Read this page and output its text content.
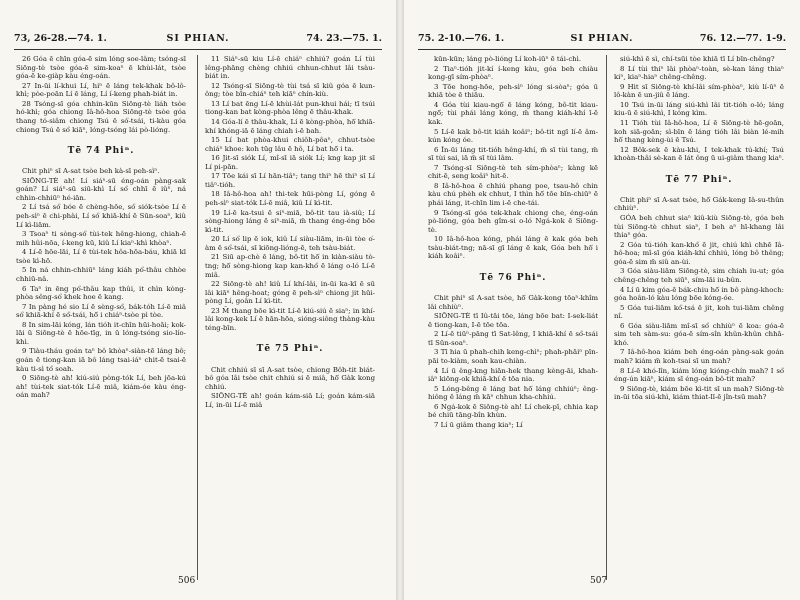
73, 26-28.—74. 1.	SI PHIAN.	74. 23.—75. 1.

26 Góa ē chīn góa-ē sim lóng soe-lâm; tsóng-sī Siōng-tè tsòe góa-ē sim-koaⁿ ē khùi-lát, tsòe góa-ē ke-giàp kàu éng-oán.

27 In-ūi lí-khui Lí, hiⁿ ē láng tek-khak bô-lô-khì; pòe-poān Lí ē láng, Lí í-keng phah-biát in.

28 Tsóng-sī góa chhin-kūn Siōng-tè liáh tsòe hó-khì; góa chiong Iâ-hô-hoa Siōng-tè tsòe góa thang tó-siâm chiong Tsú ē só͘-tsái, ti-kàu góa chiong Tsú ē só͘ kiāⁿ, lóng-tsóng lái pò-lióng.

Tē 74 Phiⁿ.

Chit phiⁿ sī A-sat tsòe beh kà-sī peh-sìⁿ.

SIŌNG-TÈ ah! Lí siáⁿ-sū éng-oán pàng-sak goán? Lí siáⁿ-sū siū-khì Lí só͘ chhī ē iûⁿ, ná chhin-chhiūⁿ hé-iān.

2 Lí tsá só͘ bóe ē chèng-hōe, só͘ siók-tsòe Lí ē peh-sìⁿ ē chi-phài, Lí só͘ khiā-khí ē Sūn-soaⁿ, kiû Lí kì-liām.

3 Tsoaⁿ ti sòng-só͘ tùi-tek hêng-hiong, chiah-ē mih hûi-nōa, í-keng kū, kiû Lí kiaⁿ-khì khòaⁿ.

4 Lí-ē hōe-lāi, Lí ē tùi-tek hôa-hōa-báu, khiā kī tsòe kì-hō.

5 In ná chhin-chhiūⁿ láng kiáh pó͘-thâu chhòe chhiū-nâ.

6 Taⁿ in ēng pó͘-thâu kap thûi, it chìn kòng-phòa sêng-só͘ khek hoe ē kang.

7 In pàng hé sio Lí ē sèng-só͘, bák-tóh Lí-ē miâ só͘ khiā-khí ē só͘-tsái, hō͘ i chiáⁿ-tsòe pì tòe.

8 In sim-lāi kóng, lán tióh it-chīn hūi-hoāi; kok-lāi ū Siōng-tè ē hōe-tīg, in ū lóng-tsóng sio-lío-khì.

9 Tiàu-tháu goán taⁿ bô khòaⁿ-siàn-tē láng bô; goán ē tiong-kan iā bô láng tsai-iáⁿ chit-ē tsai-ē kàu ti-sì tó͘ soah.

0 Siōng-tè ah! kiú-siú pòng-tók Lí, beh jōa-kú ah! tùi-tek siat-tók Lí-ē miâ, kiám-óe kàu éng-oán mah?

11 Siáⁿ-sū kiu Lí-ē chiáⁿ chhiú? goán Lí tùi lêng-phāng chèng chhiú chhun-chhut lâi tsàu-biát in.

12 Tsóng-sī Siōng-tè tùi tsá sī kiû góa ē kun-ông; tòe bîn-chiáⁿ teh kiāⁿ chín-kiù.

13 Lí bat ēng Lí-ē khùi-lát pun-khui hái; tī tsúi tiong-kan bat kòng-phòa lêng ē thâu-khak.

14 Góa-lí ē thâu-khak, Lí ē kòng-phòa, hō͘ khiā-khí khóng-iā ē láng chiah i-ē bah.

15 Lí bat phòa-khui chiôh-pôaⁿ, chhut-tsòe chiáⁿ khoe: koh tūg lâu ē hô, Lí bat hō͘ i ta.

16 Jit-sī siók Lí, mî-sī iā siók Lí; kng kap jit sī Lí pi-pān.

17 Tōe kái sī Lí hān-tiâⁿ; tang thiⁿ hē thiⁿ sī Lí tiâⁿ-tióh.

18 Iâ-hô-hoa ah! thi-tek hūi-pòng Lí, góng ē peh-sìⁿ siat-tók Lí-ē miâ, kiû Lí kì-tit.

19 Lí-ē ka-tsui ē siⁿ-miā, bô-tit tau ià-siû; Lí sòng-hiong láng ē siⁿ-miā, m̄ thang éng-éng bōe kì-tit.

20 Lí só͘ lip ē iok, kiû Lí siàu-liām, in-ūi tòe o͘-àm ē só͘-tsái, sī kiōng-lióng-ē, teh tsàu-biát.

21 Siū ap-chè ē láng, bô-tit hō͘ in kiàn-siàu tò-tng; hō͘ sòng-hiong kap kan-khó͘ ē láng o-ló Lí-ē miâ.

22 Siōng-tè ah! kiû Lí khí-lâi, in-ūi ka-kī ē sū lâi kiāⁿ hêng-hoat; góng ē peh-sìⁿ chiong jit hūi-pòng Lí, goân Lí kì-tit.

23 M̄ thang bōe kì-tit Lí-ē kiú-siú ē siaⁿ; in khí-lâi kong-kek Lí ē hān-hōa, sióng-siông thàng-kàu téng-bīn.

Tē 75 Phiⁿ.

Chit chhiú sī sī A-sat tsòe, chiong Bôh-tit biát-bô góa lâi tsòe chit chhiú si ē miâ, hō͘ Gàk kong chhiú.

SIŌNG-TÈ ah! goán kám-siā Lí; goán kám-siā Lí, in-ūi Lí-ē miâ

506
75. 2-10.—76. 1.	SI PHIAN.	76. 12.—77. 1-9.

kūn-kūn; láng pò-lióng Lí koh-iūⁿ ē tái-chì.

2 Tiaⁿ-tióh jit-kí í-keng kàu, góa beh chiàu kong-gī sím-phòaⁿ.

3 Tōe hong-hōe, peh-sìⁿ lóng si-sòaⁿ; góa ū khiā tòe ē thiāu.

4 Góa tùi kiau-ngō͘ ē láng kóng, bô-tit kiau-ngō͘; tùi phái láng kóng, m̄ thang kiáh-khí ī-ē kak.

5 Lí-ē kak bô-tit kiáh koâiⁿ; bô-tit ngī lí-ē âm-kún kóng óe.

6 În-ūi láng tit-tióh hêng-khí, m̄ sī tùi tang, m̄ sī tùi sai, iā m̄ sī tùi lâm.

7 Tsóng-sī Siōng-tè teh sím-phòaⁿ; kàng kē chit-ē, seng koâiⁿ hit-ē.

8 Iâ-hô-hoa ē chhiú phang poe, tsau-hô chin kàu chú phèh ek chhut, I thìn hō͘ tōe bīn-chiūⁿ ē phái láng, it-chīn lim i-ē che-tái.

9 Tsóng-sī góa tek-khak chiong che, éng-oán pò-lióng, góa beh gîm-si o-ló Ngá-kok ē Siōng-tè.

10 Iâ-hô-hoa kóng, phái láng ē kak góa beh tsàu-biát-tng; nā-sī gī láng ē kak, Góa beh hō͘ i kiáh koâiⁿ.

Tē 76 Phiⁿ.

Chit phiⁿ sī A-sat tsòe, hō͘ Gàk-kong tōaⁿ-khîm lâi chhiùⁿ.

SIŌNG-TÈ tī Iû-tāi tōe, láng bōe bat: I-sek-liát ē tiong-kan, I-ē tōe tōa.

2 Lí-ē tiūⁿ-pāng tī Sat-lêng, I khiā-khí ē só͘-tsái tī Sūn-soaⁿ.

3 Tī hia ū phah-chih keng-chìⁿ; phah-phāiⁿ pīn-pāi to-kiàm, soah kau-chiàn.

4 Lí ū êng-kng hiān-hek thang kèng-āi, khah-iâⁿ kiōng-ok khiā-khí ē tōa nia.

5 Lóng-bêng ē láng bat hō͘ láng chhiúⁿ; êng-hiông ē láng m̄ kāⁿ chhun kha-chhiú.

6 Ngá-kok ē Siōng-tè ah! Lí chek-pī, chhia kap bé chiū tāng-bîn khùn.

7 Lí ū giâm thang kiaⁿ; Lí

siú-khì ē sì, chí-tsūi tòe khiā tī Lí bīn-chêng?

8 Lí tùi thiⁿ lâi phòaⁿ-toàn, sè-kan láng thiaⁿ kiⁿ, kiaⁿ-hiaⁿ chêng-chêng.

9 Hit sī Siōng-tè khí-lâi sím-phòaⁿ, kiù lí-ūⁿ ē lô-kàn ē un-jiû ē láng.

10 Tsú in-ūi láng siú-khì lâi tit-tióh o-ló; láng kiu-ū ē siú-khì, I kóng kìm.

11 Tióh tùi Iâ-hô-hoa, Lí ē Siōng-tè hē-goān, koh siā-goān; sì-bīn ē láng tióh lâi biàn lé-mih hō͘ thang kèng-ùi ē Tsú.

12 Bôk-sek ē kàu-khi, I tek-khak tú-khí; Tsú khoàn-thâi sè-kan ē lát ông ū ui-giâm thang kiaⁿ.

Tē 77 Phiⁿ.

Chit phiⁿ sī A-sat tsòe, hō͘ Gák-keng Iâ-su-thûn chhiùⁿ.

GÓA beh chhut siaⁿ kiû-kiù Siōng-tè, góa beh tùi Siōng-tè chhut siaⁿ, I beh aⁿ hī-khang lâi thiaⁿ góa.

2 Góa tú-tióh kan-khó͘ ē jit, chiú khì chhē Iâ-hô-hoa; mî-sī góa kiáh-khí chhiú, lóng bô thêng; góa-ē sim m̄ siû an-ùi.

3 Góa siàu-liām Siōng-tè, sim chiah iu-ut; góa chêng-chêng teh siūⁿ, sím-lāi iu-bûn.

4 Lí ū kim góa-ē bák-chiu hō͘ in bô pàng-khoch: góa hoân-ló kàu lóng bōe kóng-óe.

5 Góa tui-liām kó͘-tsá ē jit, koh tui-liām chêng nî.

6 Góa siàu-liām mî-sī só͘ chhiùⁿ ē koa: góa-ē sim teh sàm-su: góa-ē sím-sîn khûn-khûn chhā-khó.

7 Iâ-hô-hoa kiám beh éng-oán pàng-sak goán mah? kiám m̄ koh-tsai sī un mah?

8 Lí-ē khó-lîn, kiám lóng kióng-chín mah? I só͘ éng-ún kiāⁿ, kiám sī éng-oán bô-tit mah?

9 Siōng-tè, kiám bōe kì-tit sī un mah? Siōng-tè in-ūi tōa siú-khì, kiám thiat-lī-ē jîn-tsū mah?

507
